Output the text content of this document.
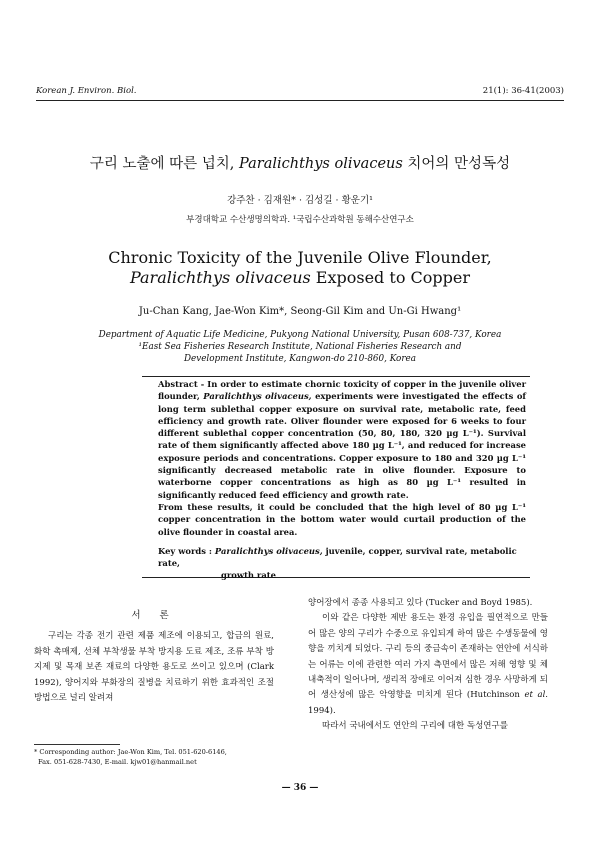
Korean J. Environ. Biol.	21(1): 36-41(2003)
구리 노출에 따른 넙치, Paralichthys olivaceus 치어의 만성독성
강주찬 · 김재원* · 김성길 · 황운기¹
부경대학교 수산생명의학과. ¹국립수산과학원 동해수산연구소
Chronic Toxicity of the Juvenile Olive Flounder,
Paralichthys olivaceus Exposed to Copper
Ju-Chan Kang, Jae-Won Kim*, Seong-Gil Kim and Un-Gi Hwang¹
Department of Aquatic Life Medicine, Pukyong National University, Pusan 608-737, Korea
¹East Sea Fisheries Research Institute, National Fisheries Research and
Development Institute, Kangwon-do 210-860, Korea

Abstract - In order to estimate chornic toxicity of copper in the juvenile oliver flounder, Paralichthys olivaceus, experiments were investigated the effects of long term sublethal copper exposure on survival rate, metabolic rate, feed efficiency and growth rate. Oliver flounder were exposed for 6 weeks to four different sublethal copper concentration (50, 80, 180, 320 µg L⁻¹). Survival rate of them significantly affected above 180 µg L⁻¹, and reduced for increase exposure periods and concentrations. Copper exposure to 180 and 320 µg L⁻¹ significantly decreased metabolic rate in olive flounder. Exposure to waterborne copper concentrations as high as 80 µg L⁻¹ resulted in significantly reduced feed efficiency and growth rate.

From these results, it could be concluded that the high level of 80 µg L⁻¹ copper concentration in the bottom water would curtail production of the olive flounder in coastal area.

Key words : Paralichthys olivaceus, juvenile, copper, survival rate, metabolic rate,
growth rate
서 론

구리는 각종 전기 관련 제품 제조에 이용되고, 합금의 원료, 화학 촉매제, 선체 부착생물 부착 방지용 도료 제조, 조류 부착 방지제 및 목재 보존 재료의 다양한 용도로 쓰이고 있으며 (Clark 1992), 양어지와 부화장의 질병을 치료하기 위한 효과적인 조절 방법으로 널리 알려져

* Corresponding author: Jae-Won Kim, Tel. 051-620-6146,
Fax. 051-628-7430, E-mail. kjw01@hanmail.net

양어장에서 종종 사용되고 있다 (Tucker and Boyd 1985).

이와 같은 다양한 제반 용도는 환경 유입을 필연적으로 만들어 많은 양의 구리가 수중으로 유입되게 하여 많은 수생동물에 영향을 끼치게 되었다. 구리 등의 중금속이 존재하는 연안에 서식하는 어류는 이에 관련한 여러 가지 측면에서 많은 저해 영향 및 체내축적이 일어나며, 생리적 장애로 이어져 심한 경우 사망하게 되어 생산성에 많은 악영향을 미치게 된다 (Hutchinson et al. 1994).

따라서 국내에서도 연안의 구리에 대한 독성연구를

— 36 —
